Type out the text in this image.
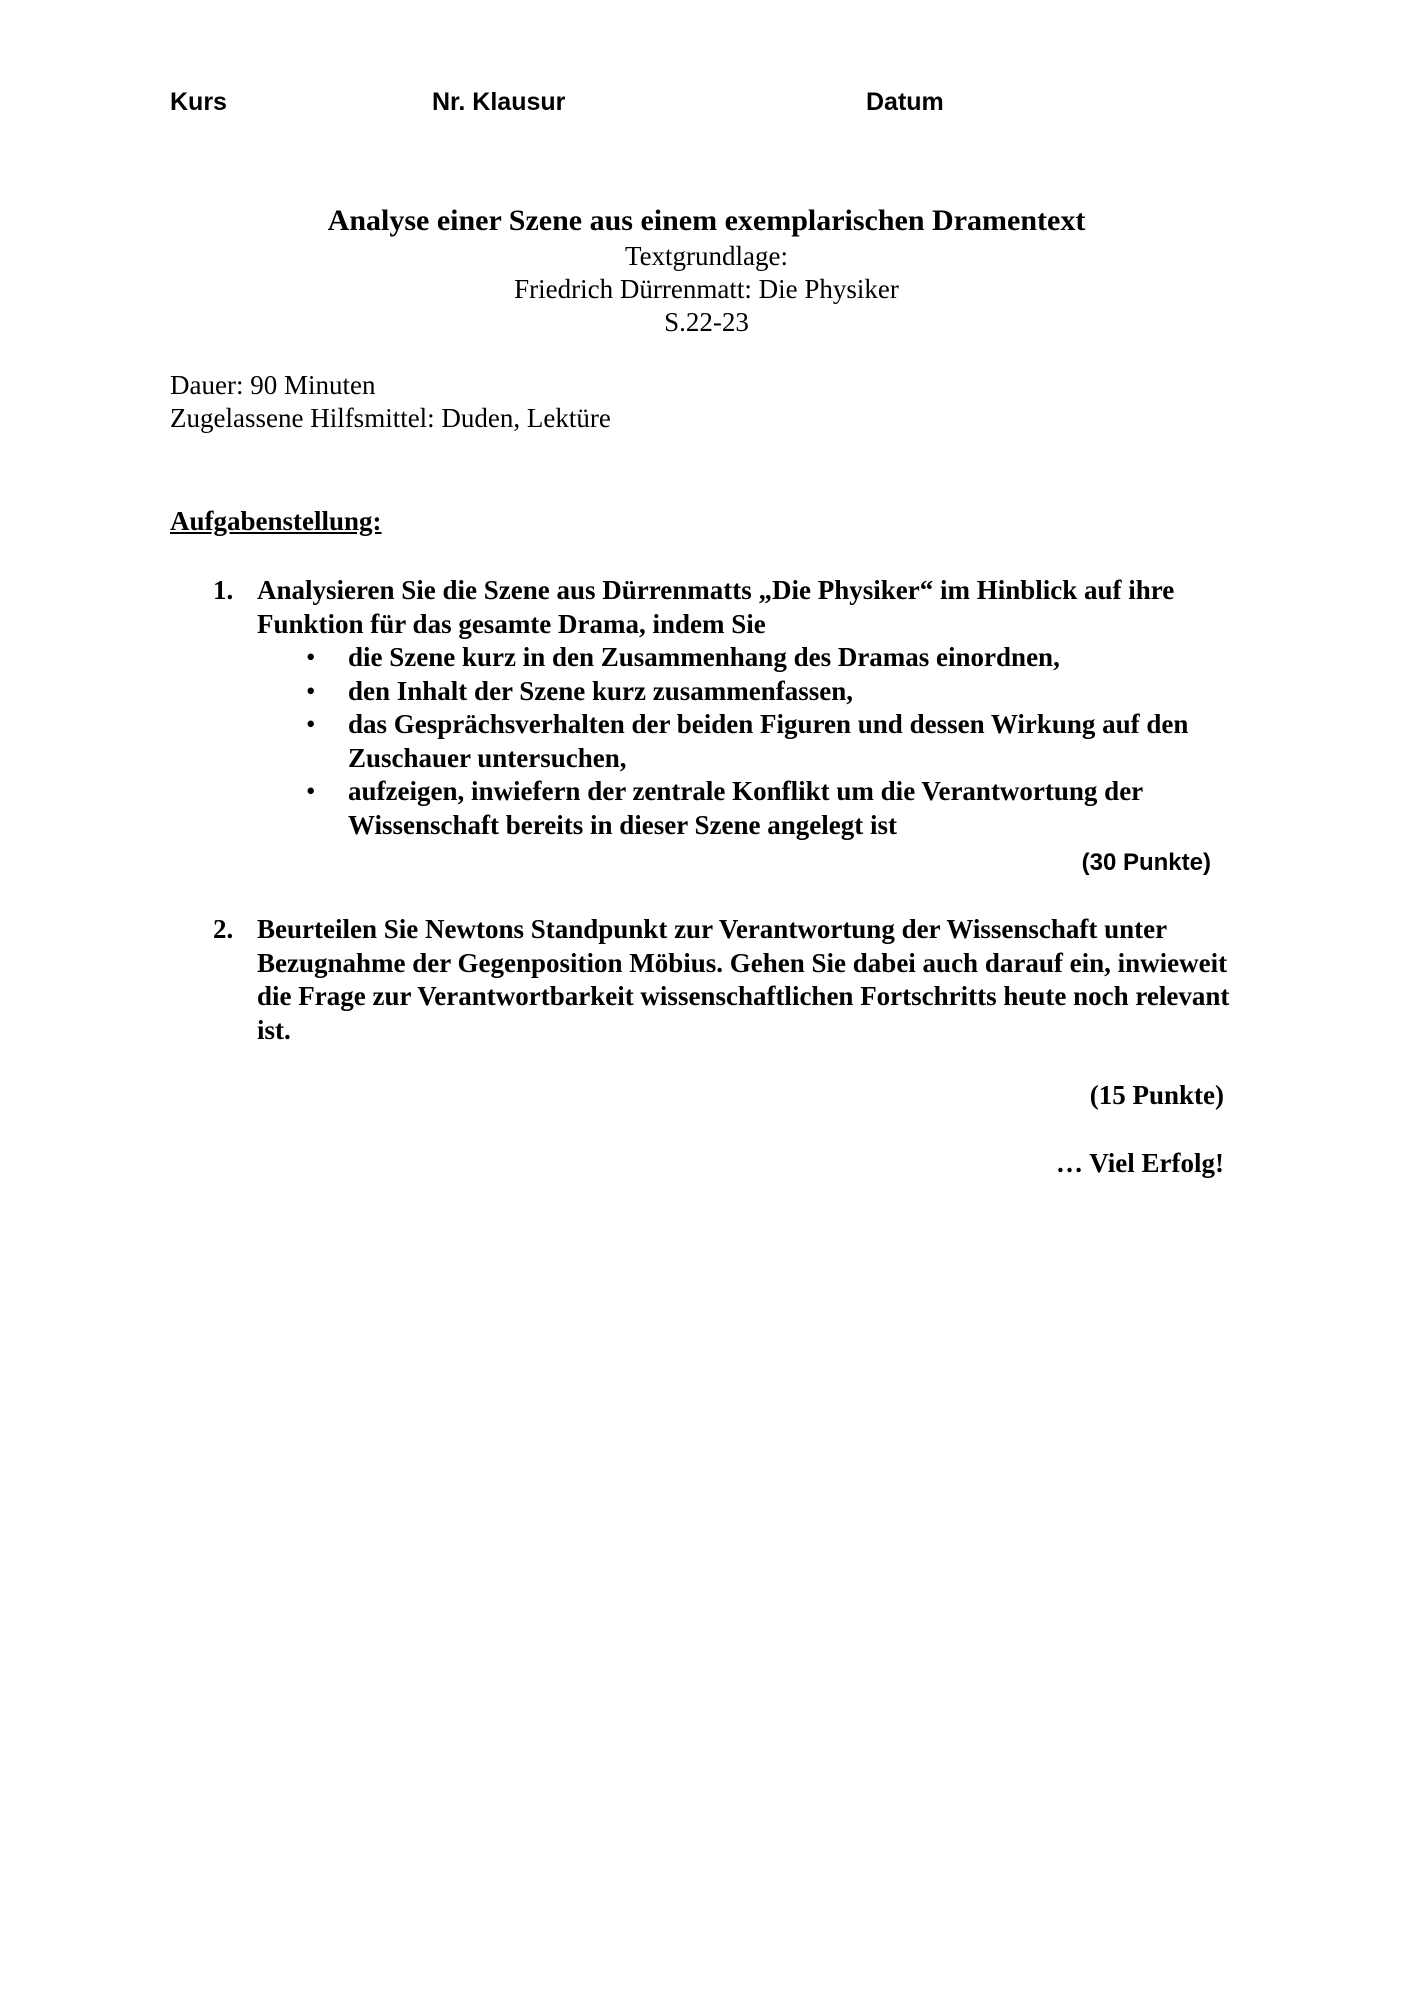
Kurs	Nr. Klausur	Datum
Analyse einer Szene aus einem exemplarischen Dramentext
Textgrundlage:
Friedrich Dürrenmatt: Die Physiker
S.22-23
Dauer: 90 Minuten
Zugelassene Hilfsmittel: Duden, Lektüre
Aufgabenstellung:
1. Analysieren Sie die Szene aus Dürrenmatts „Die Physiker“ im Hinblick auf ihre Funktion für das gesamte Drama, indem Sie
• die Szene kurz in den Zusammenhang des Dramas einordnen,
• den Inhalt der Szene kurz zusammenfassen,
• das Gesprächsverhalten der beiden Figuren und dessen Wirkung auf den Zuschauer untersuchen,
• aufzeigen, inwiefern der zentrale Konflikt um die Verantwortung der Wissenschaft bereits in dieser Szene angelegt ist
(30 Punkte)
2. Beurteilen Sie Newtons Standpunkt zur Verantwortung der Wissenschaft unter Bezugnahme der Gegenposition Möbius. Gehen Sie dabei auch darauf ein, inwieweit die Frage zur Verantwortbarkeit wissenschaftlichen Fortschritts heute noch relevant ist.
(15 Punkte)
… Viel Erfolg!
